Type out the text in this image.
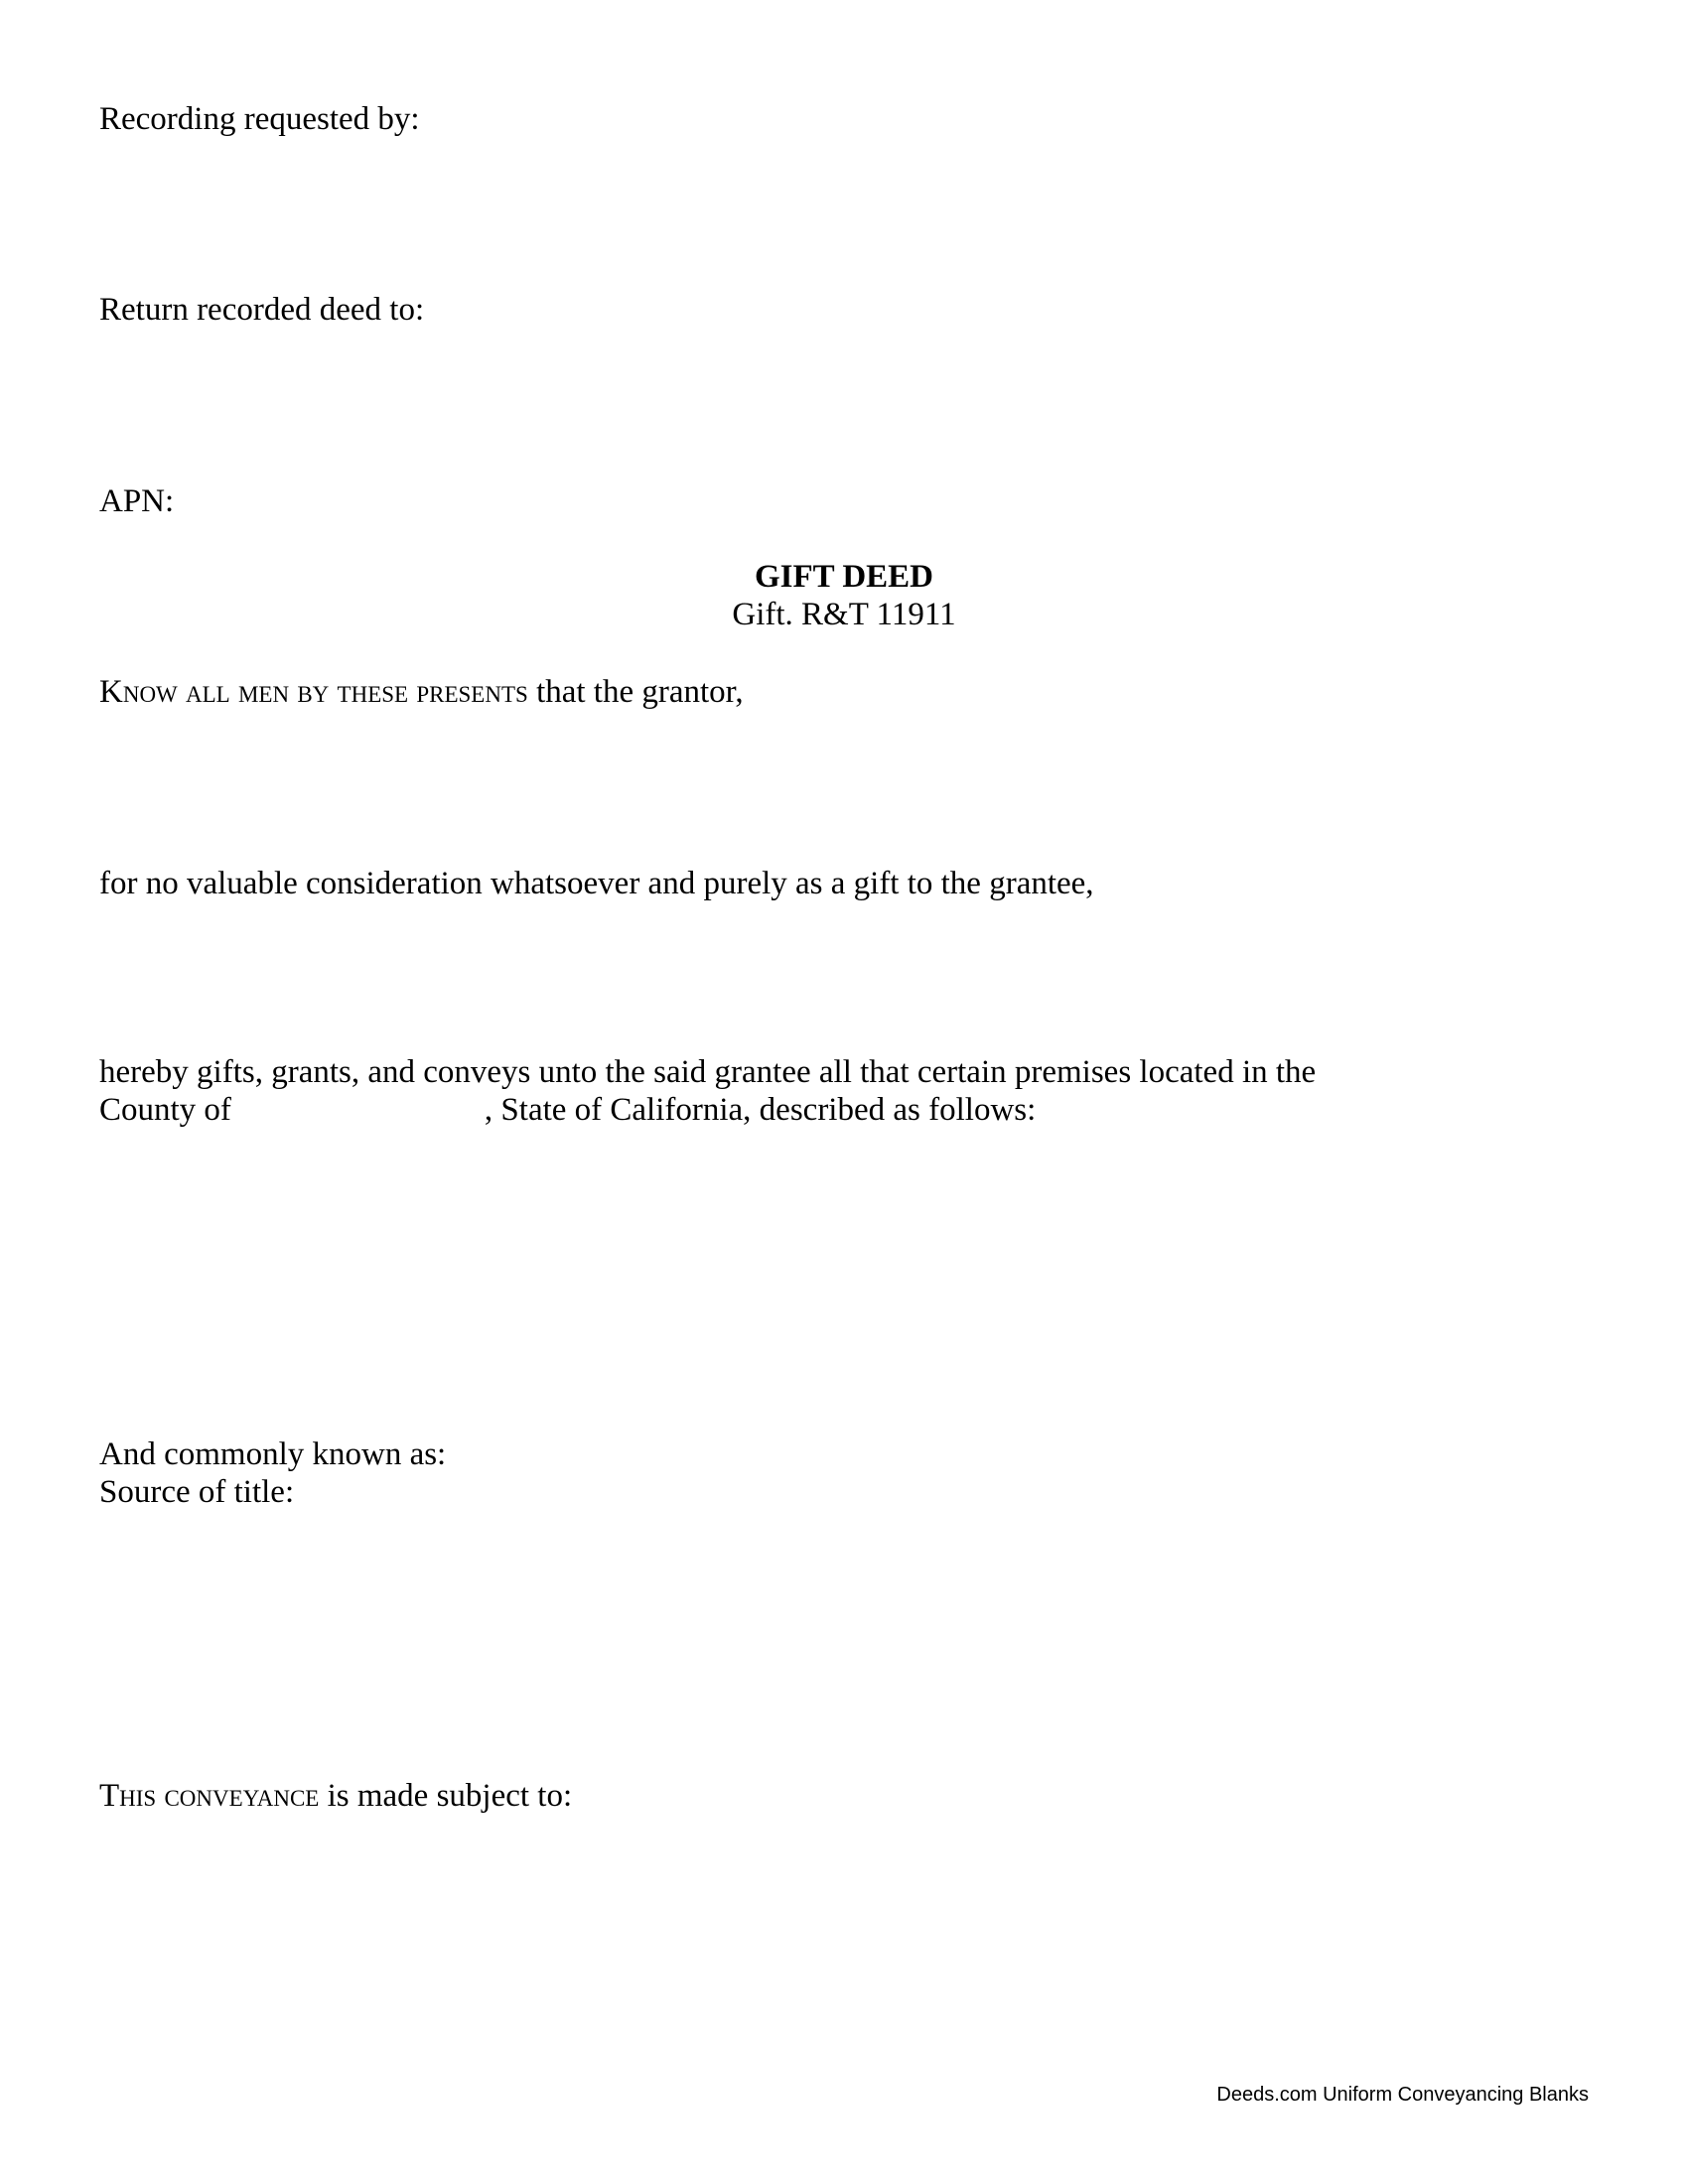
Recording requested by:

Return recorded deed to:

APN:

GIFT DEED

Gift. R&T 11911

Know all men by these presents that the grantor,

for no valuable consideration whatsoever and purely as a gift to the grantee,

hereby gifts, grants, and conveys unto the said grantee all that certain premises located in the

County of	, State of California, described as follows:

And commonly known as:

Source of title:

This conveyance is made subject to:

Deeds.com Uniform Conveyancing Blanks
